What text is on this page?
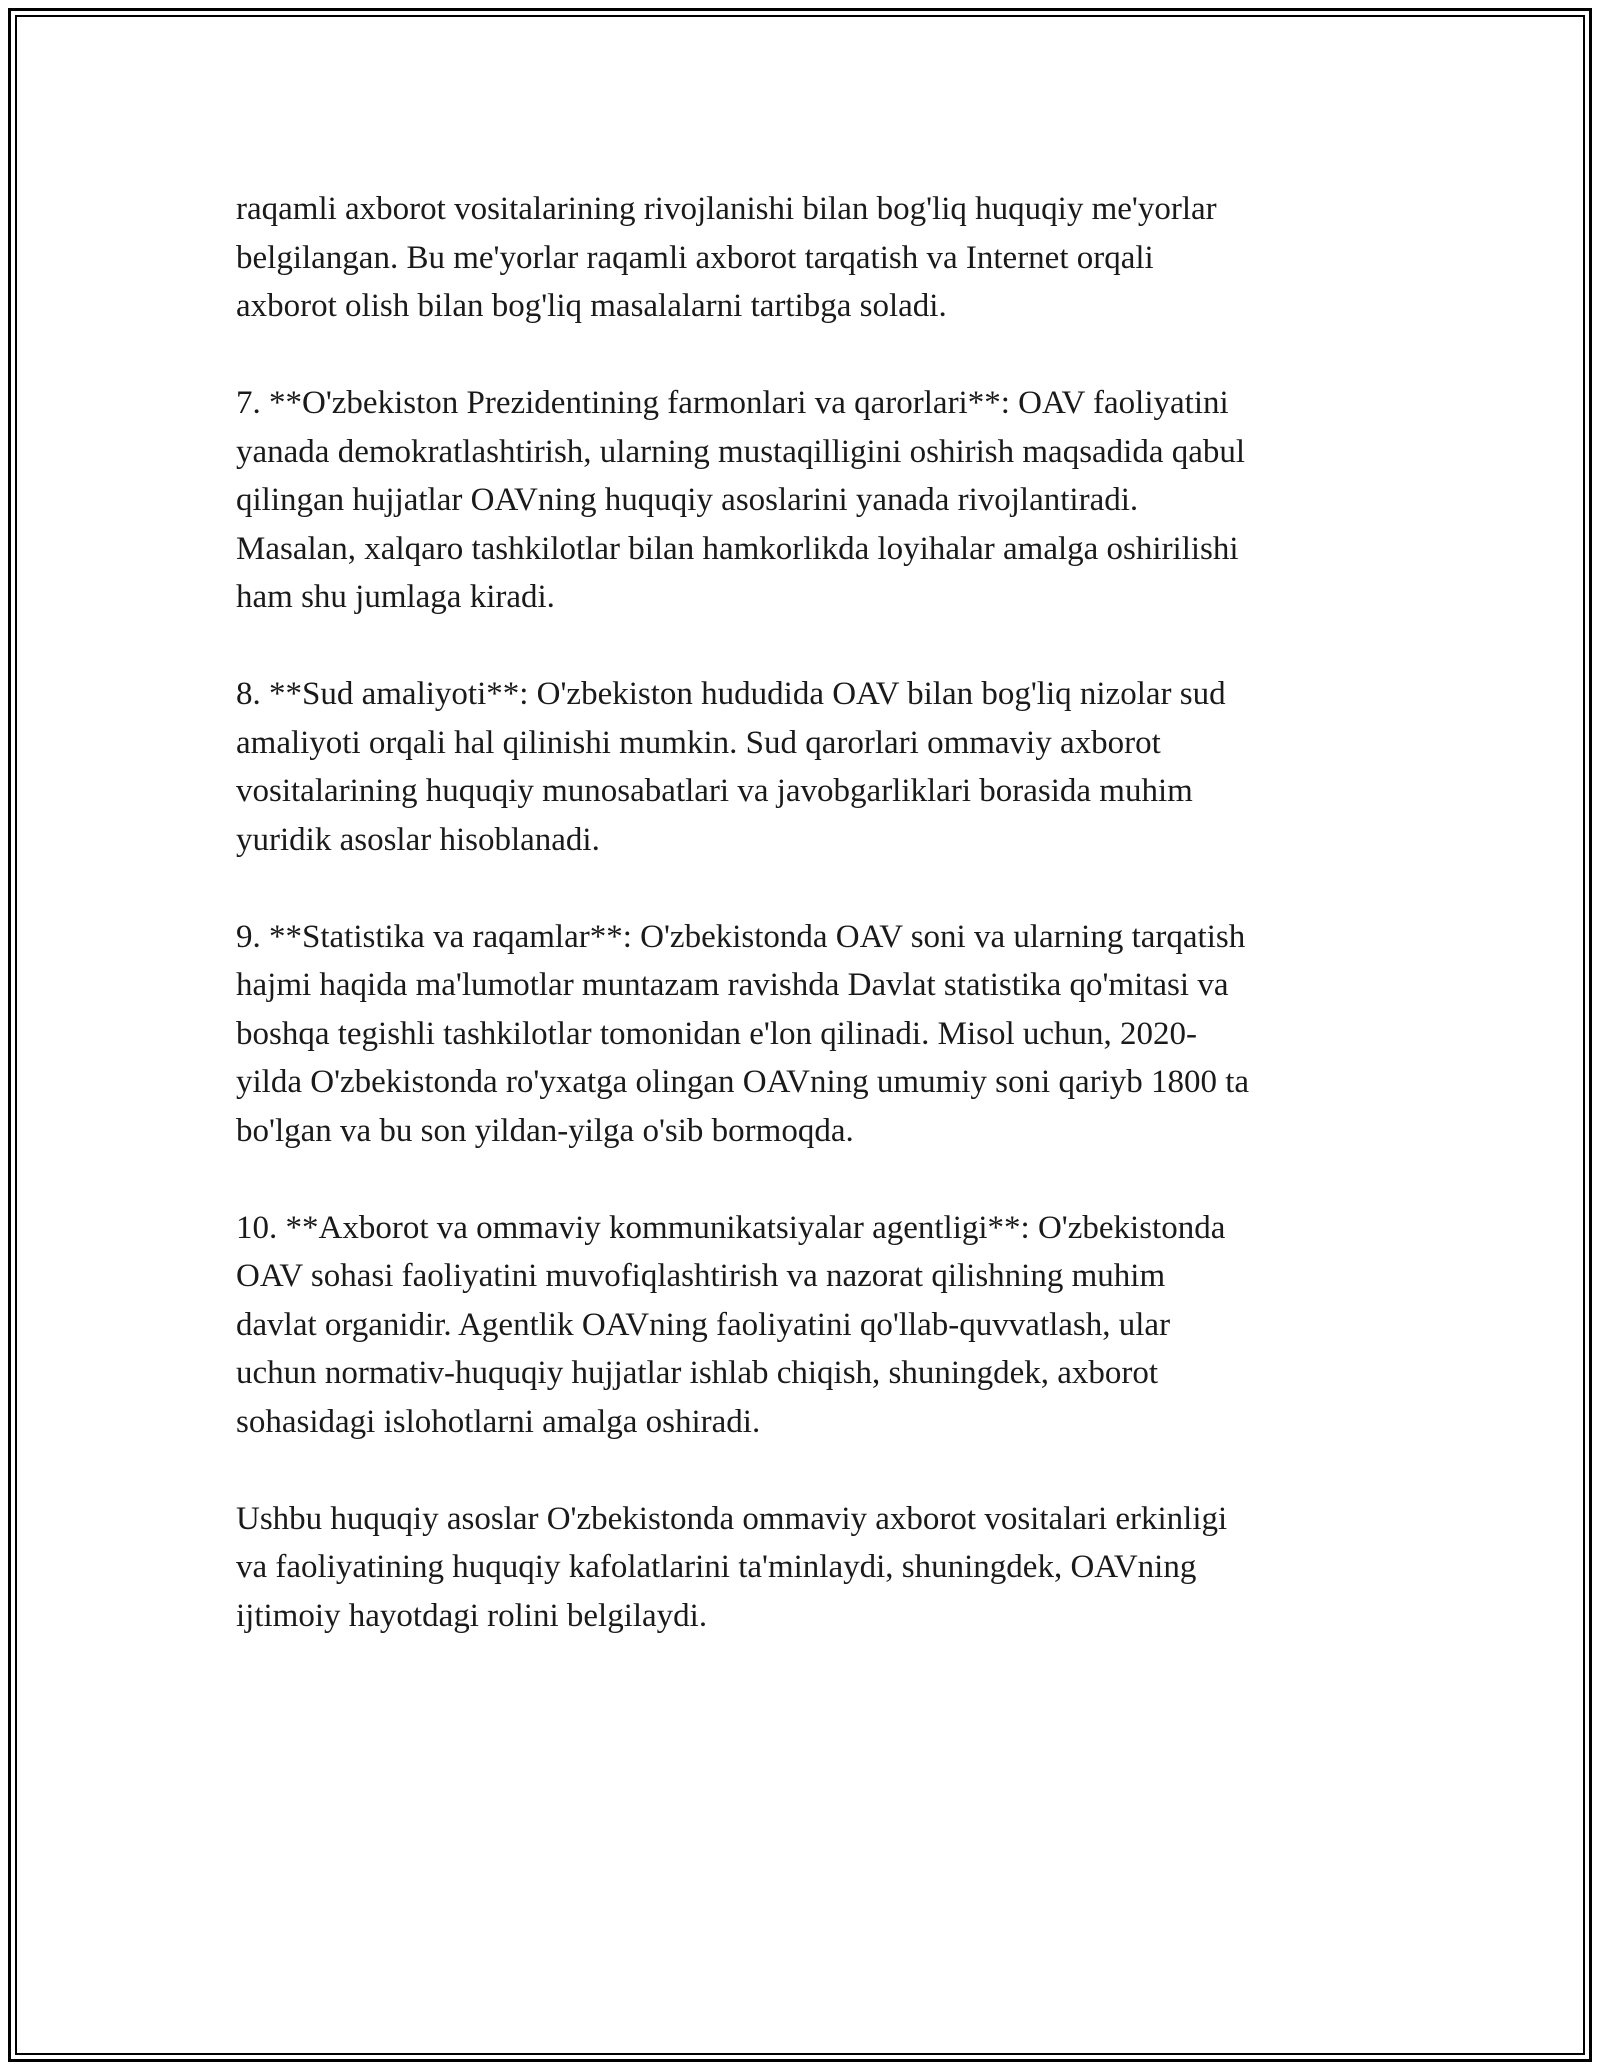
raqamli axborot vositalarining rivojlanishi bilan bog'liq huquqiy me'yorlar
belgilangan. Bu me'yorlar raqamli axborot tarqatish va Internet orqali
axborot olish bilan bog'liq masalalarni tartibga soladi.

7. **O'zbekiston Prezidentining farmonlari va qarorlari**: OAV faoliyatini
yanada demokratlashtirish, ularning mustaqilligini oshirish maqsadida qabul
qilingan hujjatlar OAVning huquqiy asoslarini yanada rivojlantiradi.
Masalan, xalqaro tashkilotlar bilan hamkorlikda loyihalar amalga oshirilishi
ham shu jumlaga kiradi.

8. **Sud amaliyoti**: O'zbekiston hududida OAV bilan bog'liq nizolar sud
amaliyoti orqali hal qilinishi mumkin. Sud qarorlari ommaviy axborot
vositalarining huquqiy munosabatlari va javobgarliklari borasida muhim
yuridik asoslar hisoblanadi.

9. **Statistika va raqamlar**: O'zbekistonda OAV soni va ularning tarqatish
hajmi haqida ma'lumotlar muntazam ravishda Davlat statistika qo'mitasi va
boshqa tegishli tashkilotlar tomonidan e'lon qilinadi. Misol uchun, 2020-
yilda O'zbekistonda ro'yxatga olingan OAVning umumiy soni qariyb 1800 ta
bo'lgan va bu son yildan-yilga o'sib bormoqda.

10. **Axborot va ommaviy kommunikatsiyalar agentligi**: O'zbekistonda
OAV sohasi faoliyatini muvofiqlashtirish va nazorat qilishning muhim
davlat organidir. Agentlik OAVning faoliyatini qo'llab-quvvatlash, ular
uchun normativ-huquqiy hujjatlar ishlab chiqish, shuningdek, axborot
sohasidagi islohotlarni amalga oshiradi.

Ushbu huquqiy asoslar O'zbekistonda ommaviy axborot vositalari erkinligi
va faoliyatining huquqiy kafolatlarini ta'minlaydi, shuningdek, OAVning
ijtimoiy hayotdagi rolini belgilaydi.
